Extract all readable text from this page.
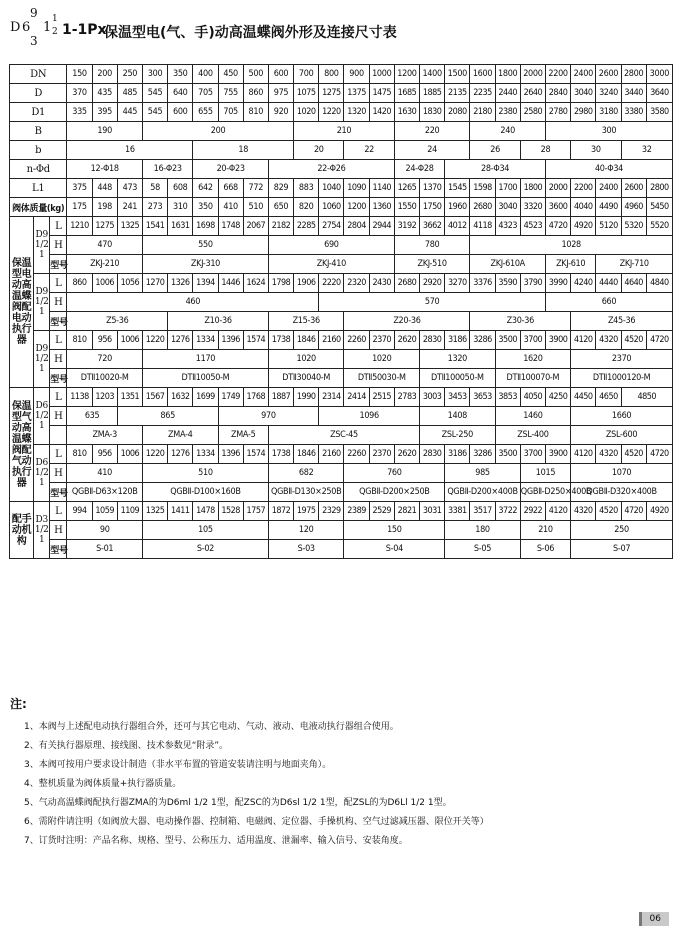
D 6
9
3
1
1
2 1-1Px
保温型电(气、手)动高温蝶阀外形及连接尺寸表
DN			150	200	250	300	350	400	450	500	600	700	800	900	1000	1200	1400	1500	1600	1800	2000	2200	2400	2600	2800	3000
D			370	435	485	545	640	705	755	860	975	1075	1275	1375	1475	1685	1885	2135	2235	2440	2640	2840	3040	3240	3440	3640
D1			335	395	445	545	600	655	705	810	920	1020	1220	1320	1420	1630	1830	2080	2180	2380	2580	2780	2980	3180	3380	3580
B			190			200						210				220			240			300				
b			16					18				20		22		24			26		28		30		32	
n-Φd			12-Φ18			16-Φ23		20-Φ23			22-Φ26					24-Φ28		28-Φ34				40-Φ34				
L1			375	448	473	58	608	642	668	772	829	883	1040	1090	1140	1265	1370	1545	1598	1700	1800	2000	2200	2400	2600	2800
阀体质量(kg)			175	198	241	273	310	350	410	510	650	820	1060	1200	1360	1550	1750	1960	2680	3040	3320	3600	4040	4490	4960	5450
保温型电动高温蝶阀配电动执行器	D9 1/2 1	L	1210	1275	1325	1541	1631	1698	1748	2067	2182	2285	2754	2804	2944	3192	3662	4012	4118	4323	4523	4720	4920	5120	5320	5520
		H	470			550					690					780			1028							
		型号	ZKJ-210			ZKJ-310					ZKJ-410					ZKJ-510			ZKJ-610A			ZKJ-610		ZKJ-710		
	D9 1/2 1	L	860	1006	1056	1270	1326	1394	1446	1624	1798	1906	2220	2320	2430	2680	2920	3270	3376	3590	3790	3990	4240	4440	4640	4840
		H	460										570									660				
		型号	Z5-36				Z10-36				Z15-36			Z20-36					Z30-36				Z45-36			
	D9 1/2 1	L	810	956	1006	1220	1276	1334	1396	1574	1738	1846	2160	2260	2370	2620	2830	3186	3286	3500	3700	3900	4120	4320	4520	4720
		H	720			1170					1020			1020			1320			1620			2370			
		型号	DTⅡ10020-M			DTⅡ10050-M					DTⅡ30040-M			DTⅡ50030-M			DTⅡ100050-M			DTⅡ100070-M			DTⅡ1000120-M			
保温型气动高温蝶阀配气动执行器	D6 1/2 1	L	1138	1203	1351	1567	1632	1699	1749	1768	1887	1990	2314	2414	2515	2783	3003	3453	3653	3853	4050	4250	4450	4650	4850	
		H	635		865				970				1096				1408			1460			1660			
			ZMA-3			ZMA-4			ZMA-5		ZSC-45						ZSL-250			ZSL-400			ZSL-600			
	D6 1/2 1	L	810	956	1006	1220	1276	1334	1396	1574	1738	1846	2160	2260	2370	2620	2830	3186	3286	3500	3700	3900	4120	4320	4520	4720
		H	410			510					682			760				985			1015		1070			
		型号	QGBⅡ-D63×120B			QGBⅡ-D100×160B					QGBⅡ-D130×250B			QGBⅡ-D200×250B				QGBⅡ-D200×400B			QGBⅡ-D250×400B		QGBⅡ-D320×400B			
配手动机构	D3 1/2 1	L	994	1059	1109	1325	1411	1478	1528	1757	1872	1975	2329	2389	2529	2821	3031	3381	3517	3722	2922	4120	4320	4520	4720	4920
		H	90			105					120			150				180			210		250			
		型号	S-01			S-02					S-03			S-04				S-05			S-06		S-07			
注:
1、本阀与上述配电动执行器组合外，还可与其它电动、气动、液动、电液动执行器组合使用。
2、有关执行器原理、接线图、技术参数见“附录”。
3、本阀可按用户要求设计制造（非水平布置的管道安装请注明与地面夹角）。
4、整机质量为阀体质量+执行器质量。
5、气动高温蝶阀配执行器ZMA的为D6ml 1/2 1型，配ZSC的为D6sl 1/2 1型，配ZSL的为D6Ll 1/2 1型。
6、需附件请注明（如阀放大器、电动操作器、控制箱、电磁阀、定位器、手操机构、空气过滤减压器、限位开关等）
7、订货时注明：产品名称、规格、型号、公称压力、适用温度、泄漏率、输入信号、安装角度。
06
